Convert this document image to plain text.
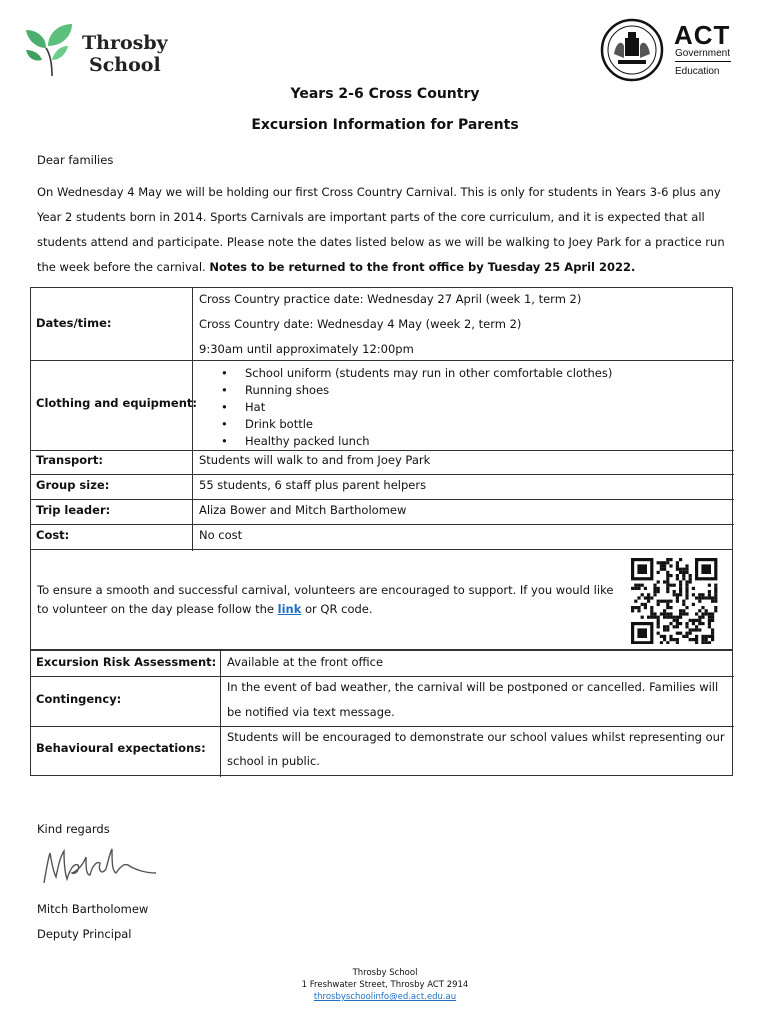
Throsby
School
ACT
Government
Education
Years 2-6 Cross Country
Excursion Information for Parents
Dear families
On Wednesday 4 May we will be holding our first Cross Country Carnival. This is only for students in Years 3-6 plus any Year 2 students born in 2014. Sports Carnivals are important parts of the core curriculum, and it is expected that all students attend and participate. Please note the dates listed below as we will be walking to Joey Park for a practice run the week before the carnival. Notes to be returned to the front office by Tuesday 25 April 2022.
Dates/time:
Cross Country practice date: Wednesday 27 April (week 1, term 2)
Cross Country date: Wednesday 4 May (week 2, term 2)
9:30am until approximately 12:00pm
Clothing and equipment:
• School uniform (students may run in other comfortable clothes)
• Running shoes
• Hat
• Drink bottle
• Healthy packed lunch
Transport:	Students will walk to and from Joey Park
Group size:	55 students, 6 staff plus parent helpers
Trip leader:	Aliza Bower and Mitch Bartholomew
Cost:	No cost
To ensure a smooth and successful carnival, volunteers are encouraged to support. If you would like to volunteer on the day please follow the link or QR code.
Excursion Risk Assessment: Available at the front office
Contingency:
In the event of bad weather, the carnival will be postponed or cancelled. Families will
be notified via text message.
Behavioural expectations:
Students will be encouraged to demonstrate our school values whilst representing our
school in public.
Kind regards
Mitch Bartholomew
Deputy Principal
Throsby School
1 Freshwater Street, Throsby ACT 2914
throsbyschoolinfo@ed.act.edu.au
